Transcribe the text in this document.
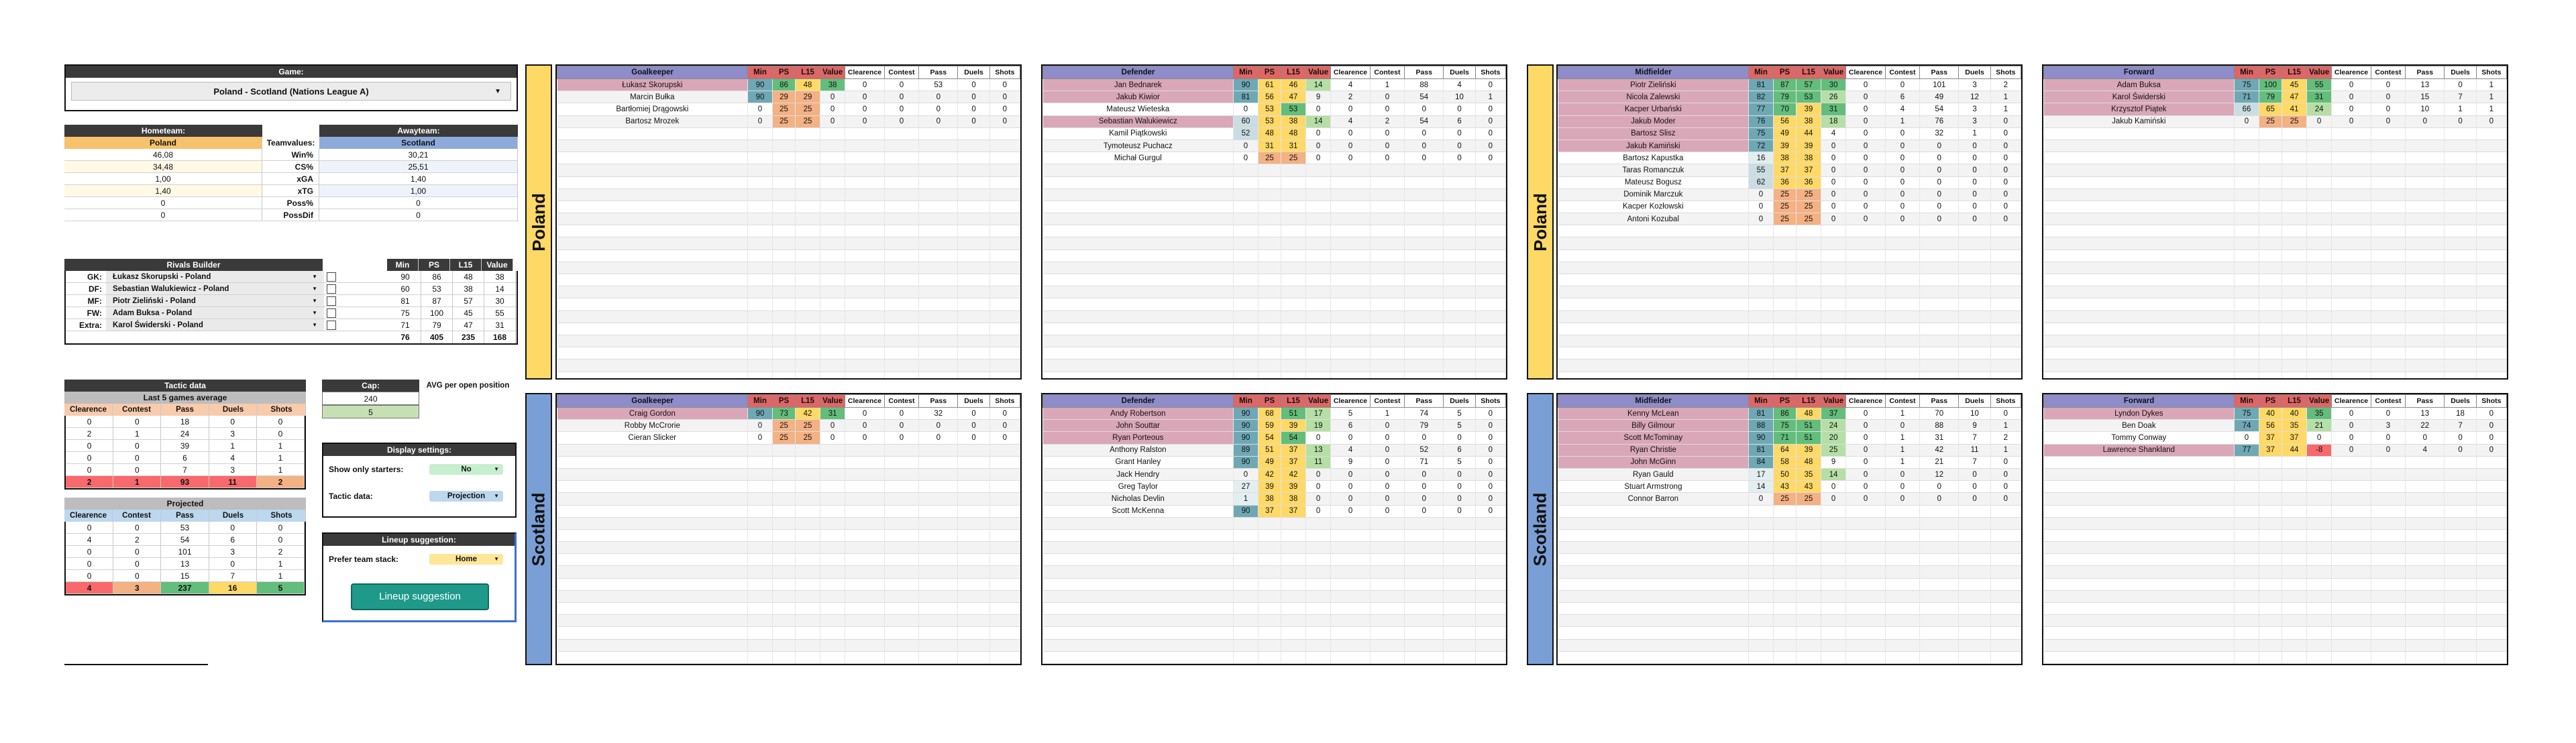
Game:
Poland - Scotland (Nations League A)	▼
Hometeam:	Awayteam:
Poland	Teamvalues:	Scotland
46,08	Win%	30,21
34,48	CS%	25,51
1,00	xGA	1,40
1,40	xTG	1,00
0	Poss%	0
0	PossDif	0
Rivals Builder	Min	PS	L15	Value
GK:	Łukasz Skorupski - Poland	▼	90	86	48	38
DF:	Sebastian Walukiewicz - Poland	▼	60	53	38	14
MF:	Piotr Zieliński - Poland	▼	81	87	57	30
FW:	Adam Buksa - Poland	▼	75	100	45	55
Extra:	Karol Świderski - Poland	▼	71	79	47	31
76	405	235	168
Tactic data
Last 5 games average
Clearence	Contest	Pass	Duels	Shots
0	0	18	0	0
2	1	24	3	0
0	0	39	1	1
0	0	6	4	1
0	0	7	3	1
2	1	93	11	2
Projected
Clearence	Contest	Pass	Duels	Shots
0	0	53	0	0
4	2	54	6	0
0	0	101	3	2
0	0	13	0	1
0	0	15	7	1
4	3	237	16	5
Cap:	AVG per open position
240
5
Display settings:
Show only starters:	No	▼
Tactic data:	Projection ▼
Lineup suggestion:
Prefer team stack:	Home	▼
Lineup suggestion
Poland
Scotland
Poland
Scotland
Goalkeeper	Min	PS	L15	Value	Clearence	Contest	Pass	Duels	Shots
Łukasz Skorupski	90	86	48	38	0	0	53	0	0
Marcin Bułka	90	29	29	0	0	0	0	0	0
Bartłomiej Drągowski	0	25	25	0	0	0	0	0	0
Bartosz Mrozek	0	25	25	0	0	0	0	0	0

Defender	Min	PS	L15	Value	Clearence	Contest	Pass	Duels	Shots
Jan Bednarek	90	61	46	14	4	1	88	4	0
Jakub Kiwior	81	56	47	9	2	0	54	10	1
Mateusz Wieteska	0	53	53	0	0	0	0	0	0
Sebastian Walukiewicz	60	53	38	14	4	2	54	6	0
Kamil Piątkowski	52	48	48	0	0	0	0	0	0
Tymoteusz Puchacz	0	31	31	0	0	0	0	0	0
Michał Gurgul	0	25	25	0	0	0	0	0	0

Midfielder	Min	PS	L15	Value	Clearence	Contest	Pass	Duels	Shots
Piotr Zieliński	81	87	57	30	0	0	101	3	2
Nicola Zalewski	82	79	53	26	0	6	49	12	1
Kacper Urbański	77	70	39	31	0	4	54	3	1
Jakub Moder	76	56	38	18	0	1	76	3	0
Bartosz Slisz	75	49	44	4	0	0	32	1	0
Jakub Kamiński	72	39	39	0	0	0	0	0	0
Bartosz Kapustka	16	38	38	0	0	0	0	0	0
Taras Romanczuk	55	37	37	0	0	0	0	0	0
Mateusz Bogusz	62	36	36	0	0	0	0	0	0
Dominik Marczuk	0	25	25	0	0	0	0	0	0
Kacper Kozłowski	0	25	25	0	0	0	0	0	0
Antoni Kozubal	0	25	25	0	0	0	0	0	0

Forward	Min	PS	L15	Value	Clearence	Contest	Pass	Duels	Shots
Adam Buksa	75	100	45	55	0	0	13	0	1
Karol Świderski	71	79	47	31	0	0	15	7	1
Krzysztof Piątek	66	65	41	24	0	0	10	1	1
Jakub Kamiński	0	25	25	0	0	0	0	0	0

Goalkeeper	Min	PS	L15	Value	Clearence	Contest	Pass	Duels	Shots
Craig Gordon	90	73	42	31	0	0	32	0	0
Robby McCrorie	0	25	25	0	0	0	0	0	0
Cieran Slicker	0	25	25	0	0	0	0	0	0

Defender	Min	PS	L15	Value	Clearence	Contest	Pass	Duels	Shots
Andy Robertson	90	68	51	17	5	1	74	5	0
John Souttar	90	59	39	19	6	0	79	5	0
Ryan Porteous	90	54	54	0	0	0	0	0	0
Anthony Ralston	89	51	37	13	4	0	52	6	0
Grant Hanley	90	49	37	11	9	0	71	5	0
Jack Hendry	0	42	42	0	0	0	0	0	0
Greg Taylor	27	39	39	0	0	0	0	0	0
Nicholas Devlin	1	38	38	0	0	0	0	0	0
Scott McKenna	90	37	37	0	0	0	0	0	0

Midfielder	Min	PS	L15	Value	Clearence	Contest	Pass	Duels	Shots
Kenny McLean	81	86	48	37	0	1	70	10	0
Billy Gilmour	88	75	51	24	0	0	88	9	1
Scott McTominay	90	71	51	20	0	1	31	7	2
Ryan Christie	81	64	39	25	0	1	42	11	1
John McGinn	84	58	48	9	0	1	21	7	0
Ryan Gauld	17	50	35	14	0	0	12	0	0
Stuart Armstrong	14	43	43	0	0	0	0	0	0
Connor Barron	0	25	25	0	0	0	0	0	0

Forward	Min	PS	L15	Value	Clearence	Contest	Pass	Duels	Shots
Lyndon Dykes	75	40	40	35	0	0	13	18	0
Ben Doak	74	56	35	21	0	3	22	7	0
Tommy Conway	0	37	37	0	0	0	0	0	0
Lawrence Shankland	77	37	44	-8	0	0	4	0	0
